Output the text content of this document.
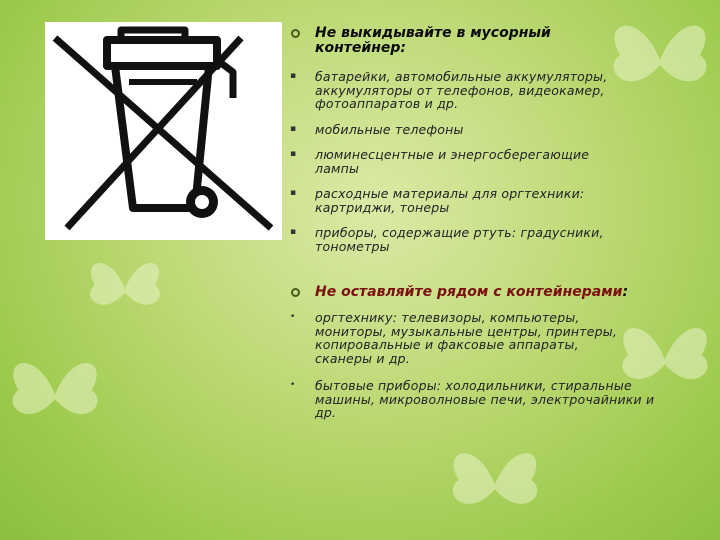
Не выкидывайте в мусорный контейнер:
▪ батарейки, автомобильные аккумуляторы, аккумуляторы от телефонов, видеокамер, фотоаппаратов и др.
▪ мобильные телефоны
▪ люминесцентные и энергосберегающие лампы
▪ расходные материалы для оргтехники: картриджи, тонеры
▪ приборы, содержащие ртуть: градусники, тонометры
Не оставляйте рядом с контейнерами:
• оргтехнику: телевизоры, компьютеры, мониторы, музыкальные центры, принтеры, копировальные и факсовые аппараты, сканеры и др.
• бытовые приборы: холодильники, стиральные машины, микроволновые печи, электрочайники и др.
